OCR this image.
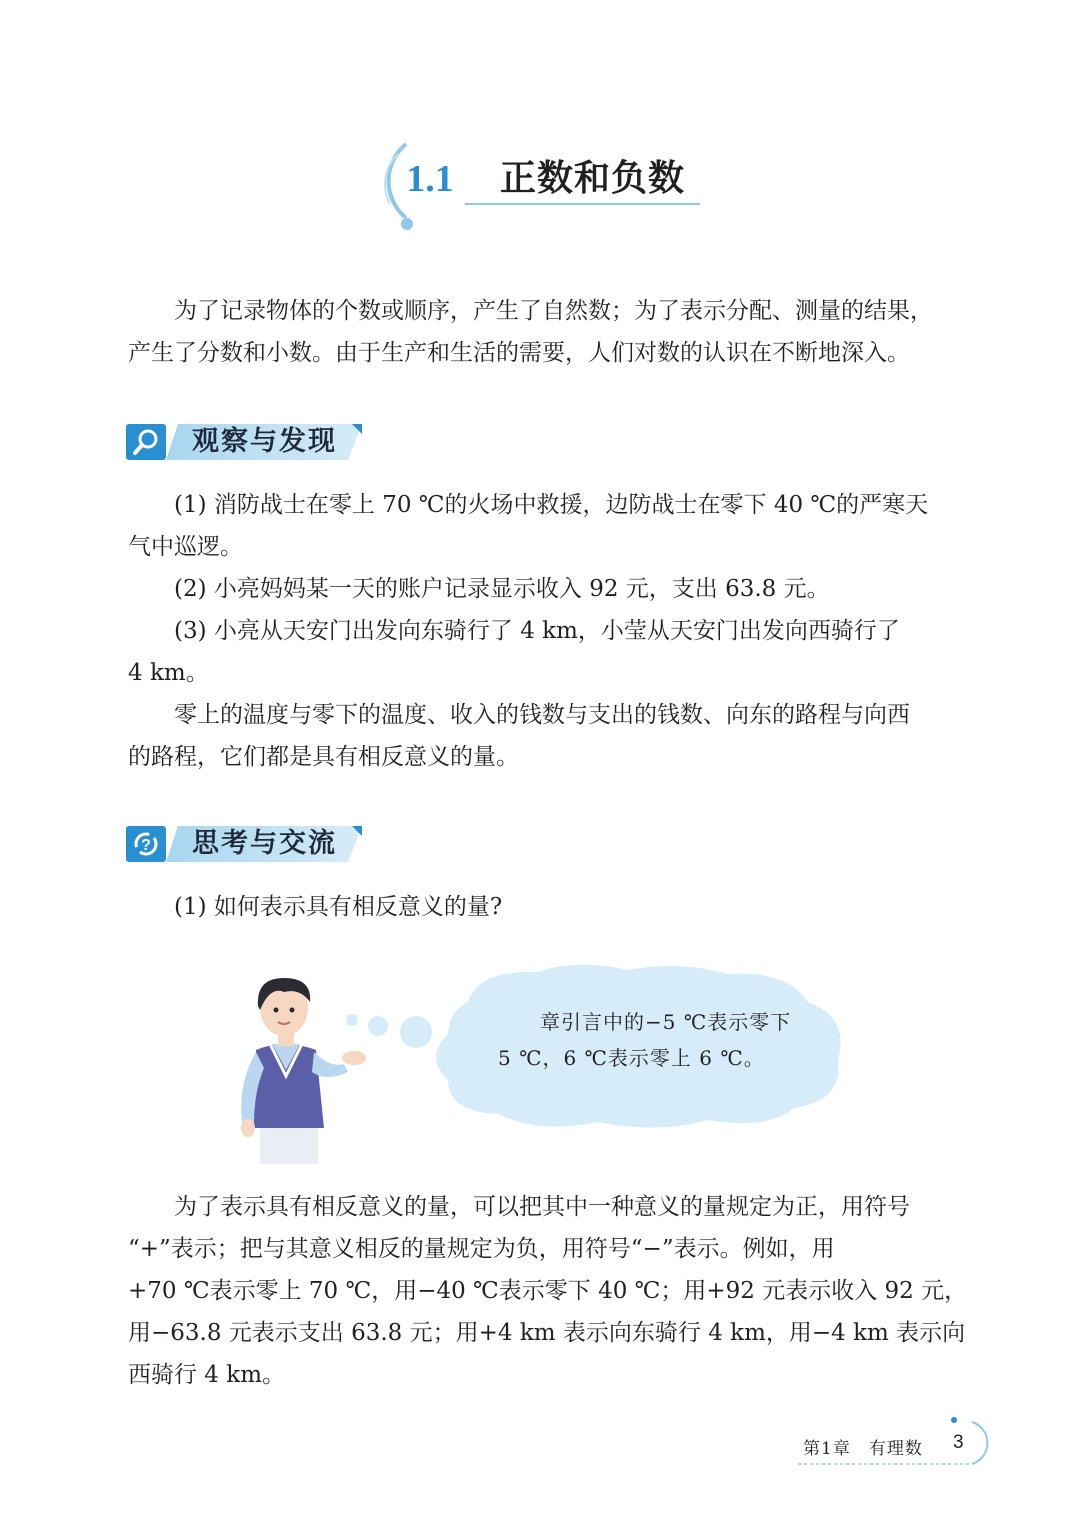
1.1	正数和负数
　　为了记录物体的个数或顺序，产生了自然数；为了表示分配、测量的结果，
产生了分数和小数。由于生产和生活的需要，人们对数的认识在不断地深入。
观察与发现
　　(1) 消防战士在零上 70 ℃的火场中救援，边防战士在零下 40 ℃的严寒天
气中巡逻。
　　(2) 小亮妈妈某一天的账户记录显示收入 92 元，支出 63.8 元。
　　(3) 小亮从天安门出发向东骑行了 4 km，小莹从天安门出发向西骑行了
4 km。
　　零上的温度与零下的温度、收入的钱数与支出的钱数、向东的路程与向西
的路程，它们都是具有相反意义的量。
? 思考与交流
　　(1) 如何表示具有相反意义的量?
章引言中的−5 ℃表示零下
5 ℃，6 ℃表示零上 6 ℃。
　　为了表示具有相反意义的量，可以把其中一种意义的量规定为正，用符号
“+”表示；把与其意义相反的量规定为负，用符号“−”表示。例如，用
+70 ℃表示零上 70 ℃，用−40 ℃表示零下 40 ℃；用+92 元表示收入 92 元，
用−63.8 元表示支出 63.8 元；用+4 km 表示向东骑行 4 km，用−4 km 表示向
西骑行 4 km。
第1章　有理数 3
